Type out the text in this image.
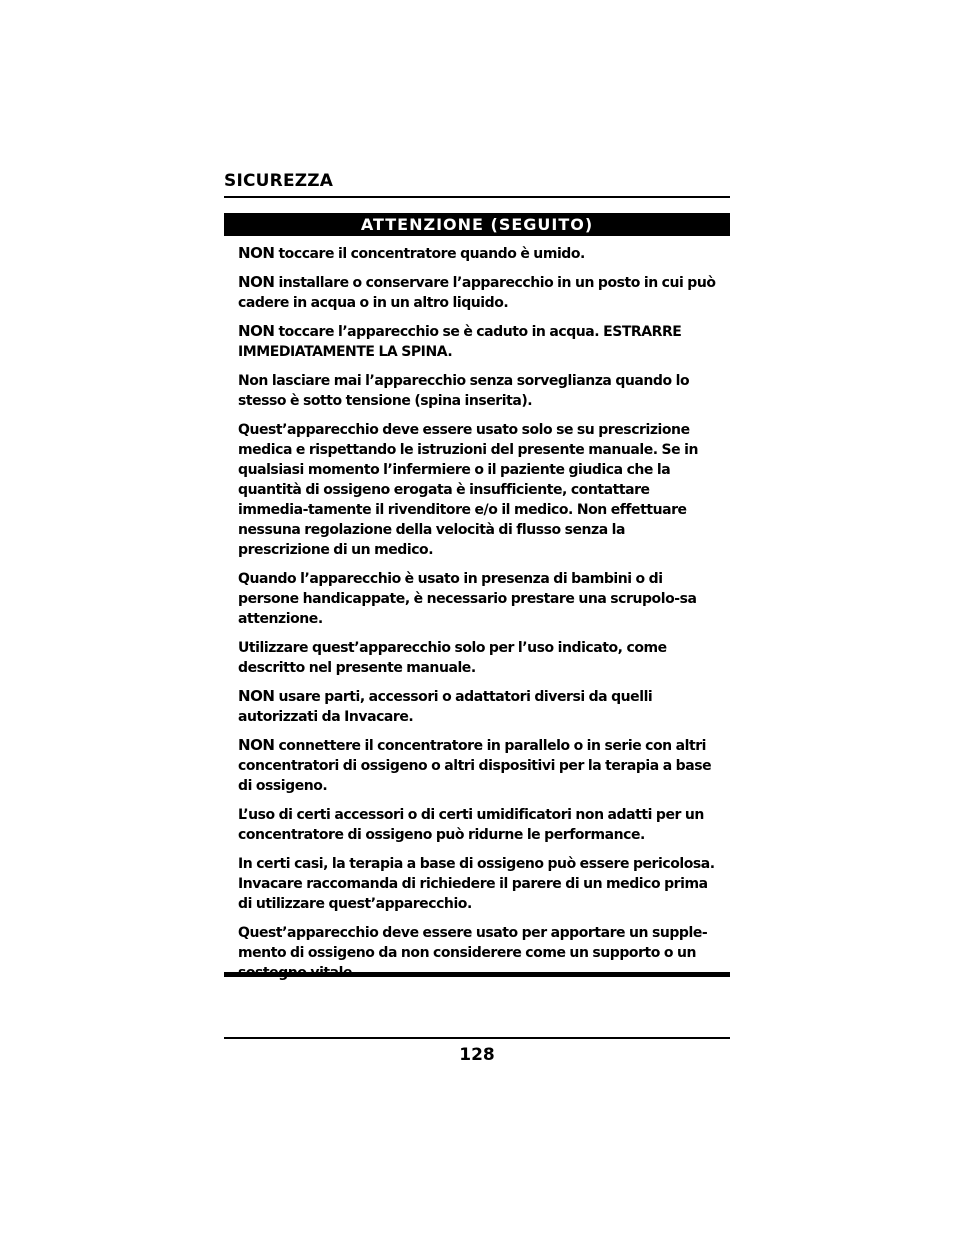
SICUREZZA
ATTENZIONE (SEGUITO)

NON toccare il concentratore quando è umido.

NON installare o conservare l’apparecchio in un posto in cui può cadere in acqua o in un altro liquido.

NON toccare l’apparecchio se è caduto in acqua. ESTRARRE IMMEDIATAMENTE LA SPINA.

Non lasciare mai l’apparecchio senza sorveglianza quando lo stesso è sotto tensione (spina inserita).

Quest’apparecchio deve essere usato solo se su prescrizione medica e rispettando le istruzioni del presente manuale. Se in qualsiasi momento l’infermiere o il paziente giudica che la quantità di ossigeno erogata è insufficiente, contattare immedia-tamente il rivenditore e/o il medico. Non effettuare nessuna regolazione della velocità di flusso senza la prescrizione di un medico.

Quando l’apparecchio è usato in presenza di bambini o di persone handicappate, è necessario prestare una scrupolo-sa attenzione.

Utilizzare quest’apparecchio solo per l’uso indicato, come descritto nel presente manuale.

NON usare parti, accessori o adattatori diversi da quelli autorizzati da Invacare.

NON connettere il concentratore in parallelo o in serie con altri concentratori di ossigeno o altri dispositivi per la terapia a base di ossigeno.

L’uso di certi accessori o di certi umidificatori non adatti per un concentratore di ossigeno può ridurne le performance.

In certi casi, la terapia a base di ossigeno può essere pericolosa. Invacare raccomanda di richiedere il parere di un medico prima di utilizzare quest’apparecchio.

Quest’apparecchio deve essere usato per apportare un supple-mento di ossigeno da non considerere come un supporto o un

128
